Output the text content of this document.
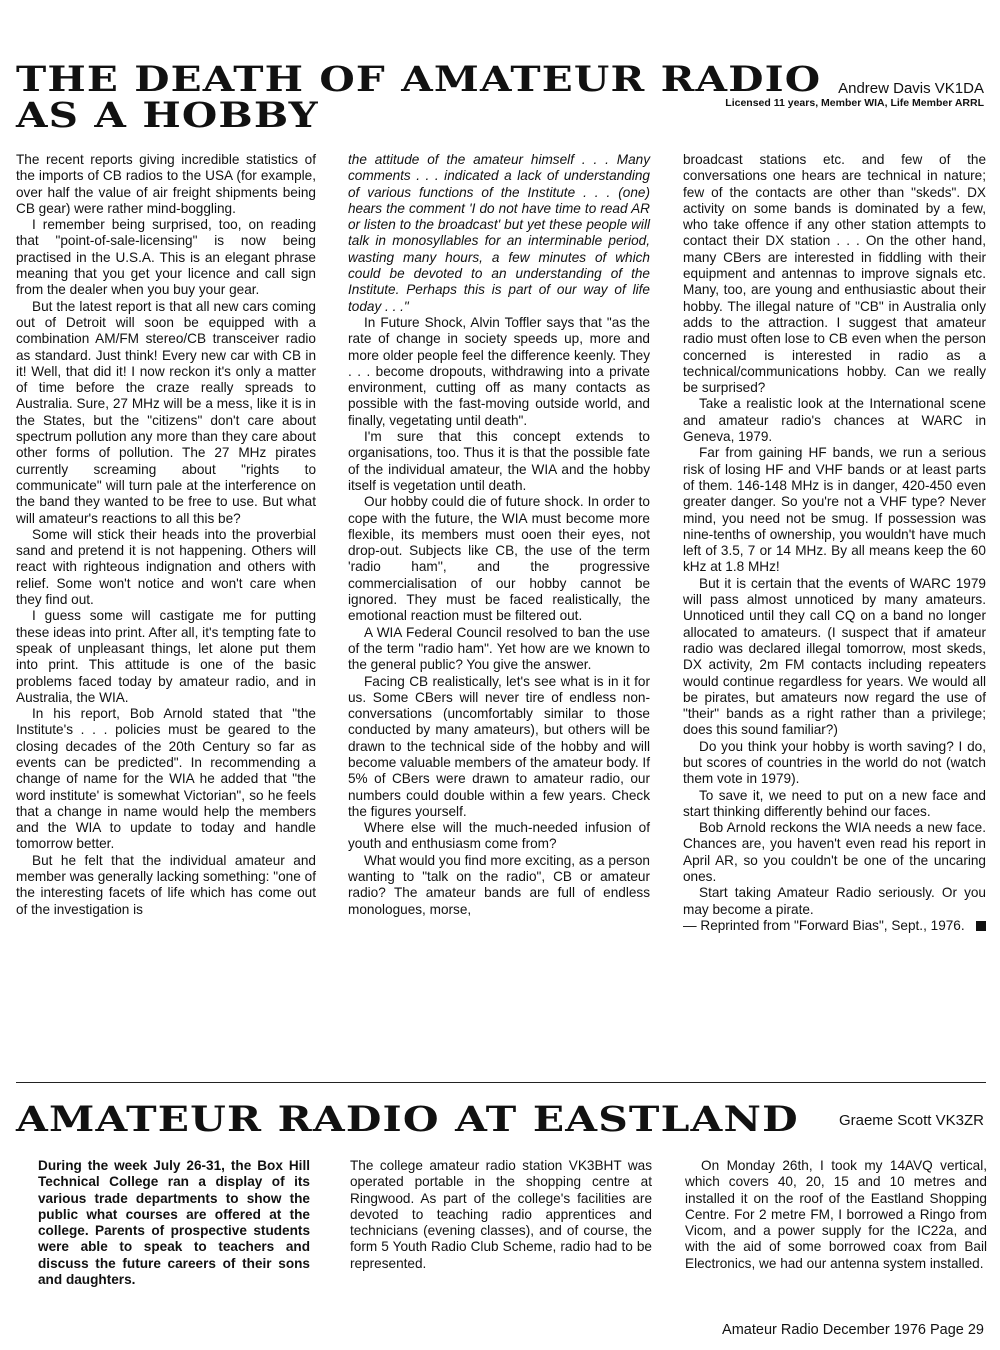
THE DEATH OF AMATEUR RADIO
AS A HOBBY
Andrew Davis VK1DA
Licensed 11 years, Member WIA, Life Member ARRL

The recent reports giving incredible statistics of the imports of CB radios to the USA (for example, over half the value of air freight shipments being CB gear) were rather mind-boggling.

I remember being surprised, too, on reading that "point-of-sale-licensing" is now being practised in the U.S.A. This is an elegant phrase meaning that you get your licence and call sign from the dealer when you buy your gear.

But the latest report is that all new cars coming out of Detroit will soon be equipped with a combination AM/FM stereo/CB transceiver radio as standard. Just think! Every new car with CB in it! Well, that did it! I now reckon it's only a matter of time before the craze really spreads to Australia. Sure, 27 MHz will be a mess, like it is in the States, but the "citizens" don't care about spectrum pollution any more than they care about other forms of pollution. The 27 MHz pirates currently screaming about "rights to communicate" will turn pale at the interference on the band they wanted to be free to use. But what will amateur's reactions to all this be?

Some will stick their heads into the proverbial sand and pretend it is not happening. Others will react with righteous indignation and others with relief. Some won't notice and won't care when they find out.

I guess some will castigate me for putting these ideas into print. After all, it's tempting fate to speak of unpleasant things, let alone put them into print. This attitude is one of the basic problems faced today by amateur radio, and in Australia, the WIA.

In his report, Bob Arnold stated that "the Institute's . . . policies must be geared to the closing decades of the 20th Century so far as events can be predicted". In recommending a change of name for the WIA he added that "the word institute' is somewhat Victorian", so he feels that a change in name would help the members and the WIA to update to today and handle tomorrow better.

But he felt that the individual amateur and member was generally lacking something: "one of the interesting facets of life which has come out of the investigation is

the attitude of the amateur himself . . . Many comments . . . indicated a lack of understanding of various functions of the Institute . . . (one) hears the comment 'I do not have time to read AR or listen to the broadcast' but yet these people will talk in monosyllables for an interminable period, wasting many hours, a few minutes of which could be devoted to an understanding of the Institute. Perhaps this is part of our way of life today . . ."

In Future Shock, Alvin Toffler says that "as the rate of change in society speeds up, more and more older people feel the difference keenly. They . . . become dropouts, withdrawing into a private environment, cutting off as many contacts as possible with the fast-moving outside world, and finally, vegetating until death".

I'm sure that this concept extends to organisations, too. Thus it is that the possible fate of the individual amateur, the WIA and the hobby itself is vegetation until death.

Our hobby could die of future shock. In order to cope with the future, the WIA must become more flexible, its members must ooen their eyes, not drop-out. Subjects like CB, the use of the term 'radio ham'', and the progressive commercialisation of our hobby cannot be ignored. They must be faced realistically, the emotional reaction must be filtered out.

A WIA Federal Council resolved to ban the use of the term "radio ham". Yet how are we known to the general public? You give the answer.

Facing CB realistically, let's see what is in it for us. Some CBers will never tire of endless non-conversations (uncomfortably similar to those conducted by many amateurs), but others will be drawn to the technical side of the hobby and will become valuable members of the amateur body. If 5% of CBers were drawn to amateur radio, our numbers could double within a few years. Check the figures yourself.

Where else will the much-needed infusion of youth and enthusiasm come from?

What would you find more exciting, as a person wanting to "talk on the radio", CB or amateur radio? The amateur bands are full of endless monologues, morse,

broadcast stations etc. and few of the conversations one hears are technical in nature; few of the contacts are other than "skeds". DX activity on some bands is dominated by a few, who take offence if any other station attempts to contact their DX station . . . On the other hand, many CBers are interested in fiddling with their equipment and antennas to improve signals etc. Many, too, are young and enthusiastic about their hobby. The illegal nature of "CB" in Australia only adds to the attraction. I suggest that amateur radio must often lose to CB even when the person concerned is interested in radio as a technical/communications hobby. Can we really be surprised?

Take a realistic look at the International scene and amateur radio's chances at WARC in Geneva, 1979.

Far from gaining HF bands, we run a serious risk of losing HF and VHF bands or at least parts of them. 146-148 MHz is in danger, 420-450 even greater danger. So you're not a VHF type? Never mind, you need not be smug. If possession was nine-tenths of ownership, you wouldn't have much left of 3.5, 7 or 14 MHz. By all means keep the 60 kHz at 1.8 MHz!

But it is certain that the events of WARC 1979 will pass almost unnoticed by many amateurs. Unnoticed until they call CQ on a band no longer allocated to amateurs. (I suspect that if amateur radio was declared illegal tomorrow, most skeds, DX activity, 2m FM contacts including repeaters would continue regardless for years. We would all be pirates, but amateurs now regard the use of "their" bands as a right rather than a privilege; does this sound familiar?)

Do you think your hobby is worth saving? I do, but scores of countries in the world do not (watch them vote in 1979).

To save it, we need to put on a new face and start thinking differently behind our faces.

Bob Arnold reckons the WIA needs a new face. Chances are, you haven't even read his report in April AR, so you couldn't be one of the uncaring ones.

Start taking Amateur Radio seriously. Or you may become a pirate.

— Reprinted from "Forward Bias", Sept., 1976.

AMATEUR RADIO AT EASTLAND	Graeme Scott VK3ZR

During the week July 26-31, the Box Hill Technical College ran a display of its various trade departments to show the public what courses are offered at the college. Parents of prospective students were able to speak to teachers and discuss the future careers of their sons and daughters.

The college amateur radio station VK3BHT was operated portable in the shopping centre at Ringwood. As part of the college's facilities are devoted to teaching radio apprentices and technicians (evening classes), and of course, the form 5 Youth Radio Club Scheme, radio had to be represented.

On Monday 26th, I took my 14AVQ vertical, which covers 40, 20, 15 and 10 metres and installed it on the roof of the Eastland Shopping Centre. For 2 metre FM, I borrowed a Ringo from Vicom, and a power supply for the IC22a, and with the aid of some borrowed coax from Bail Electronics, we had our antenna system installed.

Amateur Radio December 1976 Page 29
